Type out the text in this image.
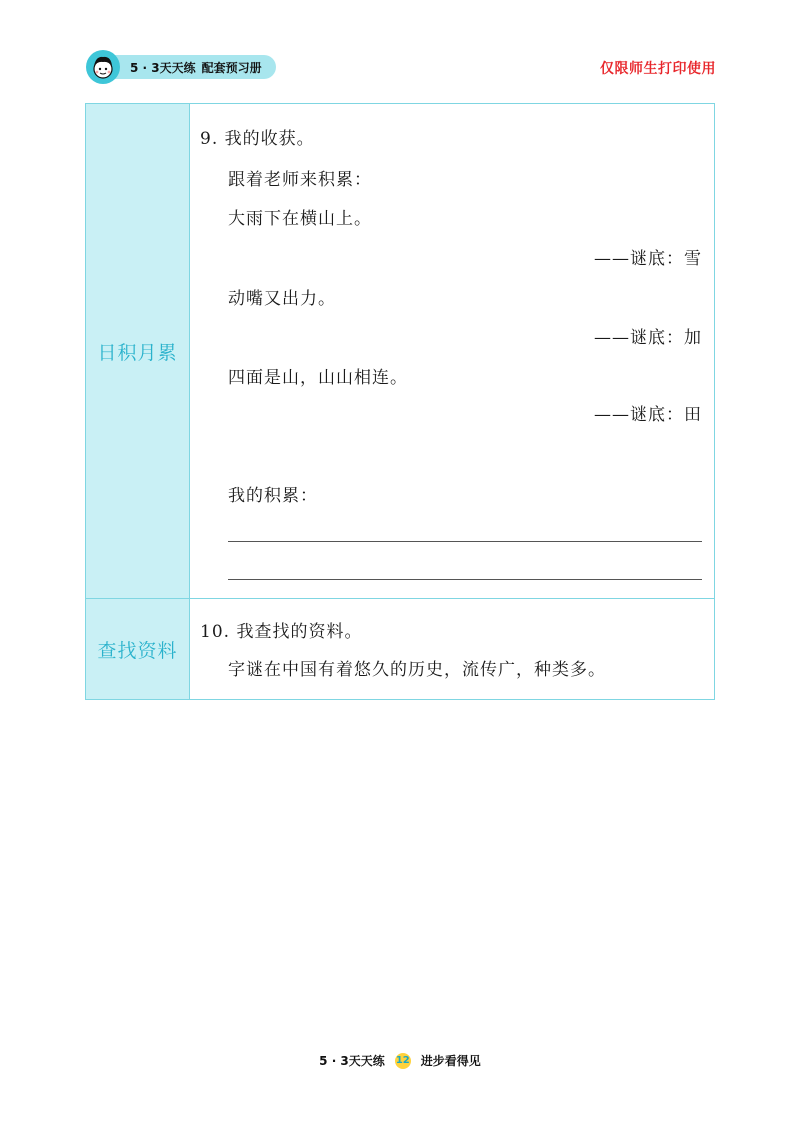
5 · 3天天练 配套预习册	仅限师生打印使用
日积月累
9. 我的收获。
跟着老师来积累：
大雨下在横山上。
——谜底：雪
动嘴又出力。
——谜底：加
四面是山，山山相连。
——谜底：田
我的积累：
查找资料
10. 我查找的资料。
字谜在中国有着悠久的历史，流传广，种类多。
5 · 3天天练 12 进步看得见
